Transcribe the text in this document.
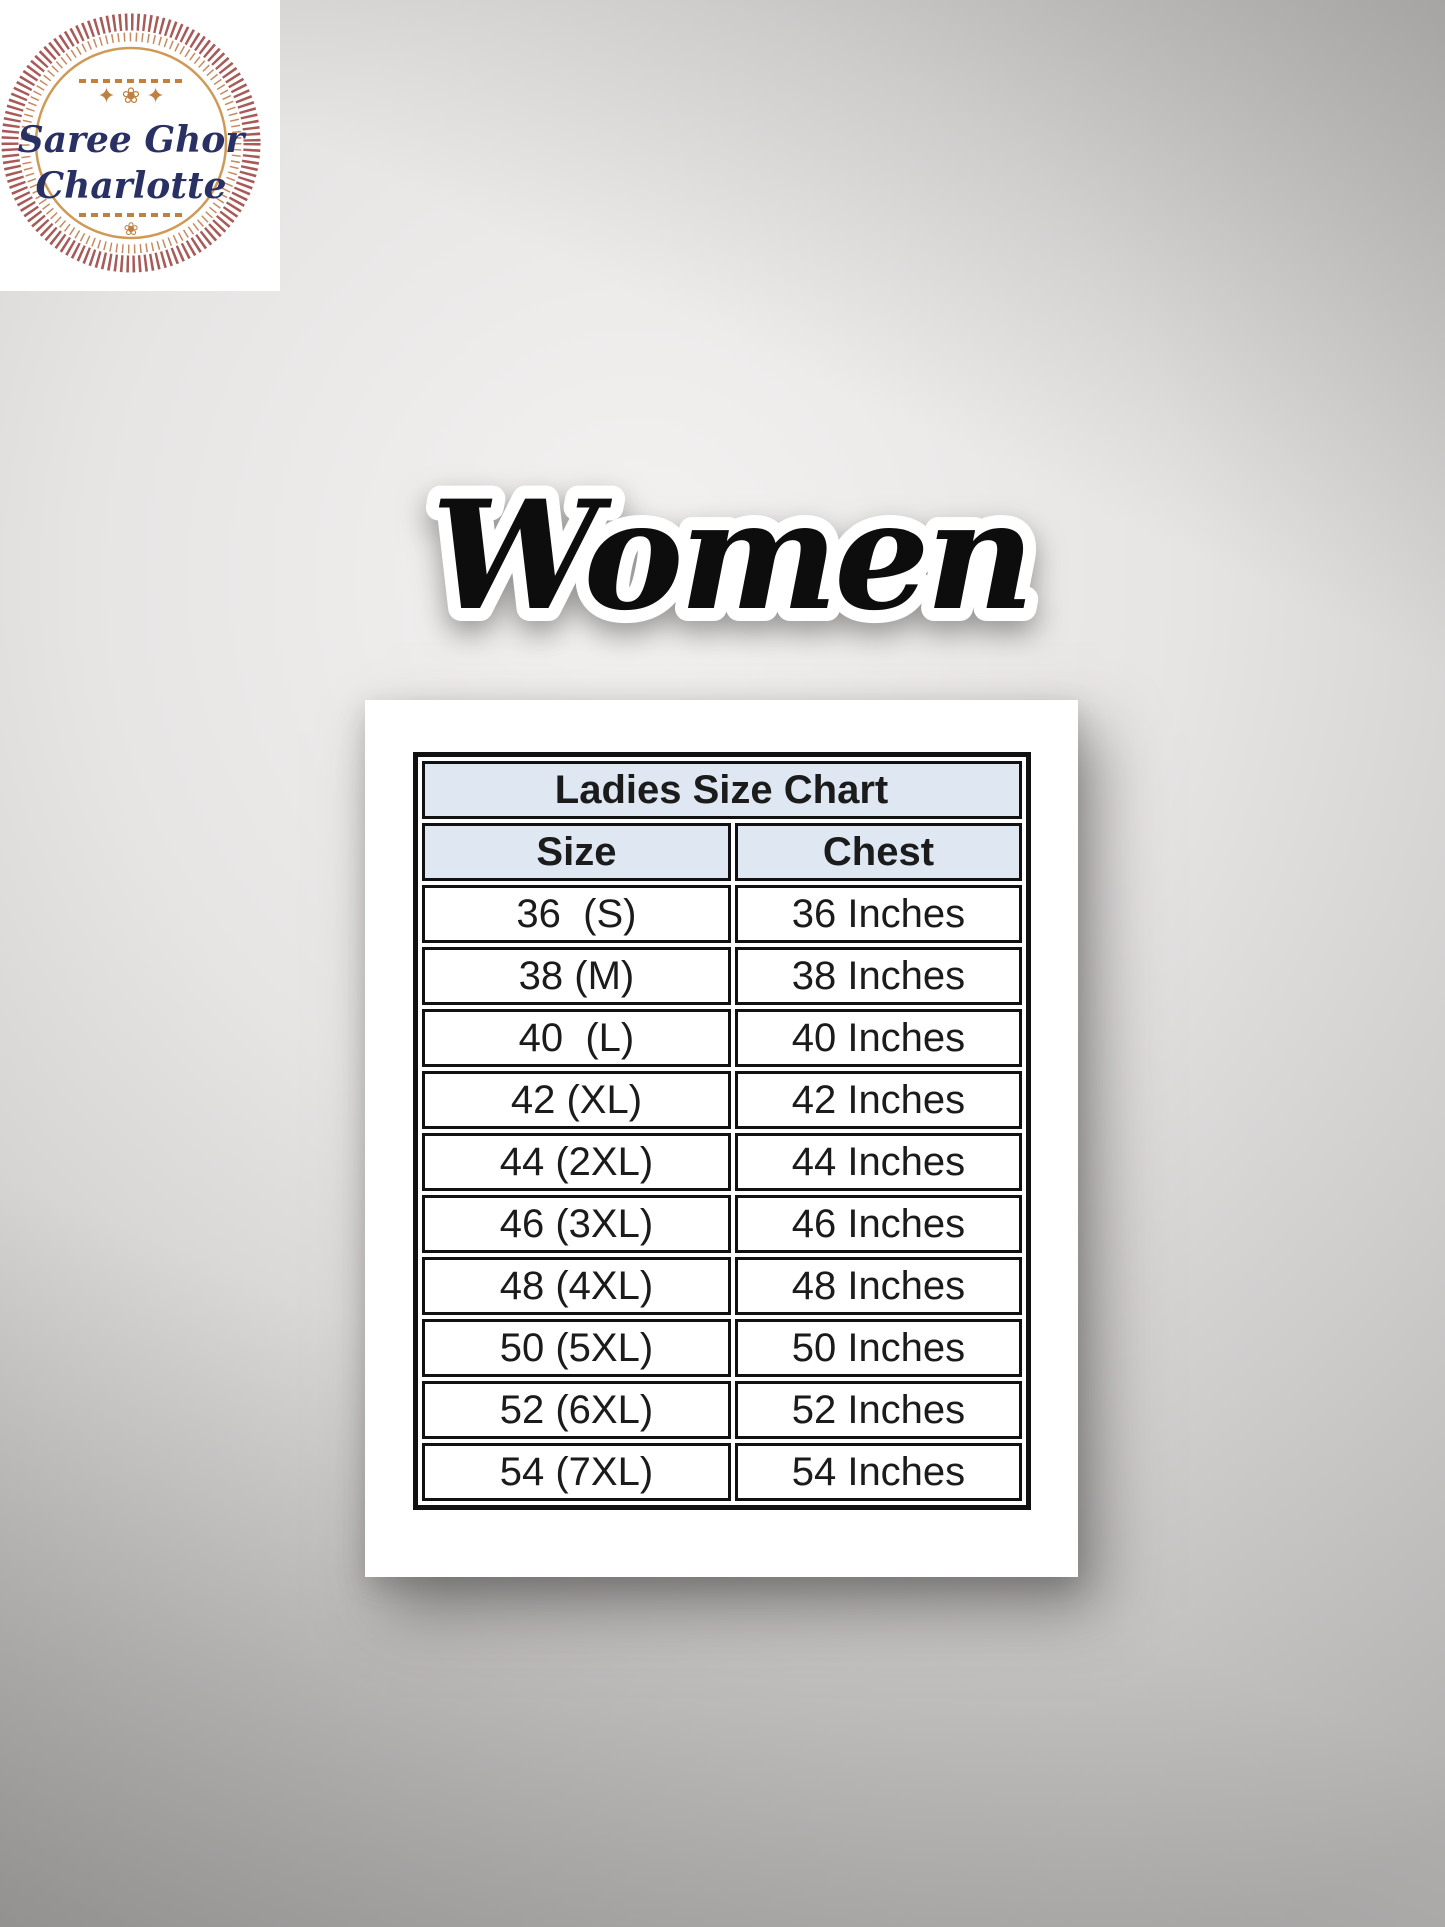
✦ ❀ ✦
❀
Saree Ghor
Charlotte
Women
Ladies Size Chart	
Size	Chest
36  (S)	36 Inches
38 (M)	38 Inches
40  (L)	40 Inches
42 (XL)	42 Inches
44 (2XL)	44 Inches
46 (3XL)	46 Inches
48 (4XL)	48 Inches
50 (5XL)	50 Inches
52 (6XL)	52 Inches
54 (7XL)	54 Inches
